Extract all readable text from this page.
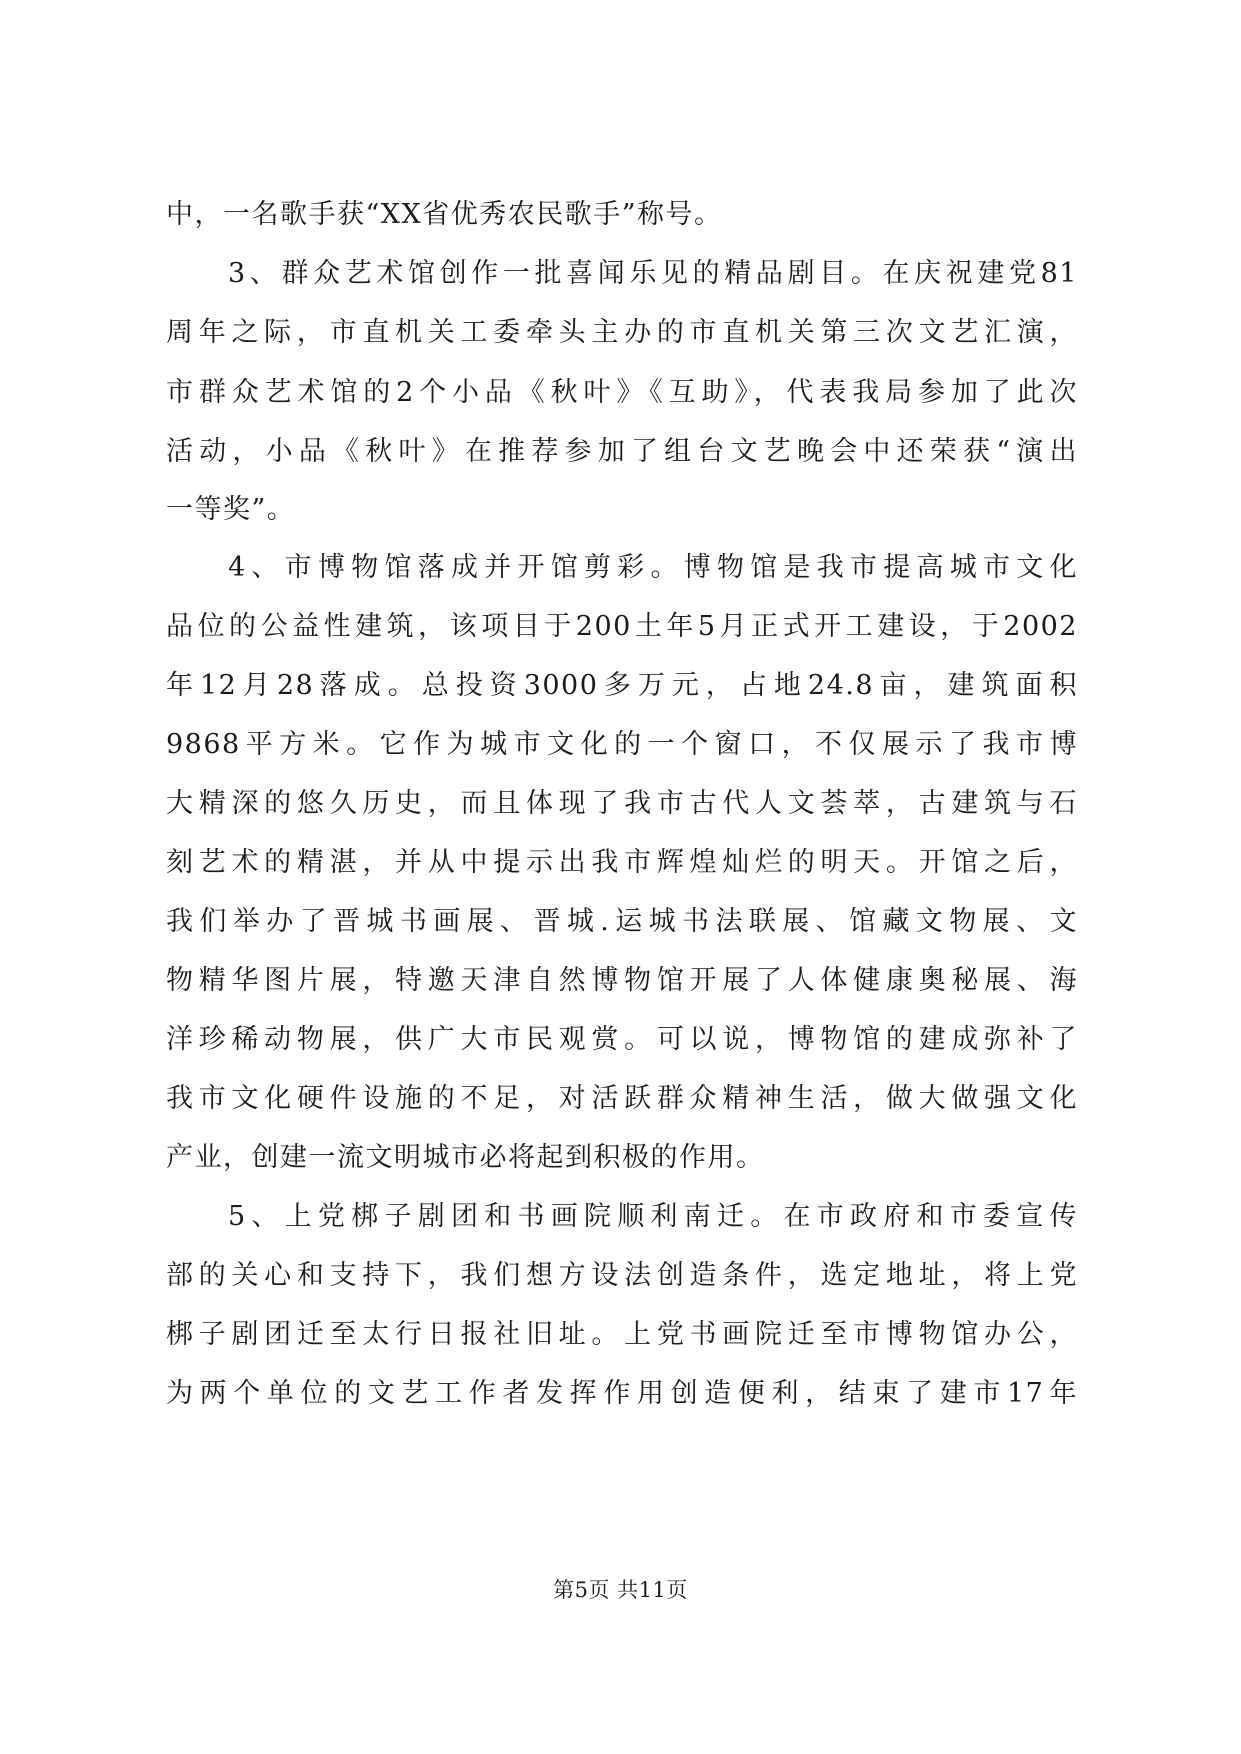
中，一名歌手获“XX省优秀农民歌手”称号。
3、群众艺术馆创作一批喜闻乐见的精品剧目。在庆祝建党81
周年之际，市直机关工委牵头主办的市直机关第三次文艺汇演，
市群众艺术馆的2个小品《秋叶》《互助》，代表我局参加了此次
活动，小品《秋叶》在推荐参加了组台文艺晚会中还荣获“演出
一等奖”。
4、市博物馆落成并开馆剪彩。博物馆是我市提高城市文化
品位的公益性建筑，该项目于200土年5月正式开工建设，于2002
年12月28落成。总投资3000多万元，占地24.8亩，建筑面积
9868平方米。它作为城市文化的一个窗口，不仅展示了我市博
大精深的悠久历史，而且体现了我市古代人文荟萃，古建筑与石
刻艺术的精湛，并从中提示出我市辉煌灿烂的明天。开馆之后，
我们举办了晋城书画展、晋城.运城书法联展、馆藏文物展、文
物精华图片展，特邀天津自然博物馆开展了人体健康奥秘展、海
洋珍稀动物展，供广大市民观赏。可以说，博物馆的建成弥补了
我市文化硬件设施的不足，对活跃群众精神生活，做大做强文化
产业，创建一流文明城市必将起到积极的作用。
5、上党梆子剧团和书画院顺利南迁。在市政府和市委宣传
部的关心和支持下，我们想方设法创造条件，选定地址，将上党
梆子剧团迁至太行日报社旧址。上党书画院迁至市博物馆办公，
为两个单位的文艺工作者发挥作用创造便利，结束了建市17年
第5页 共11页
